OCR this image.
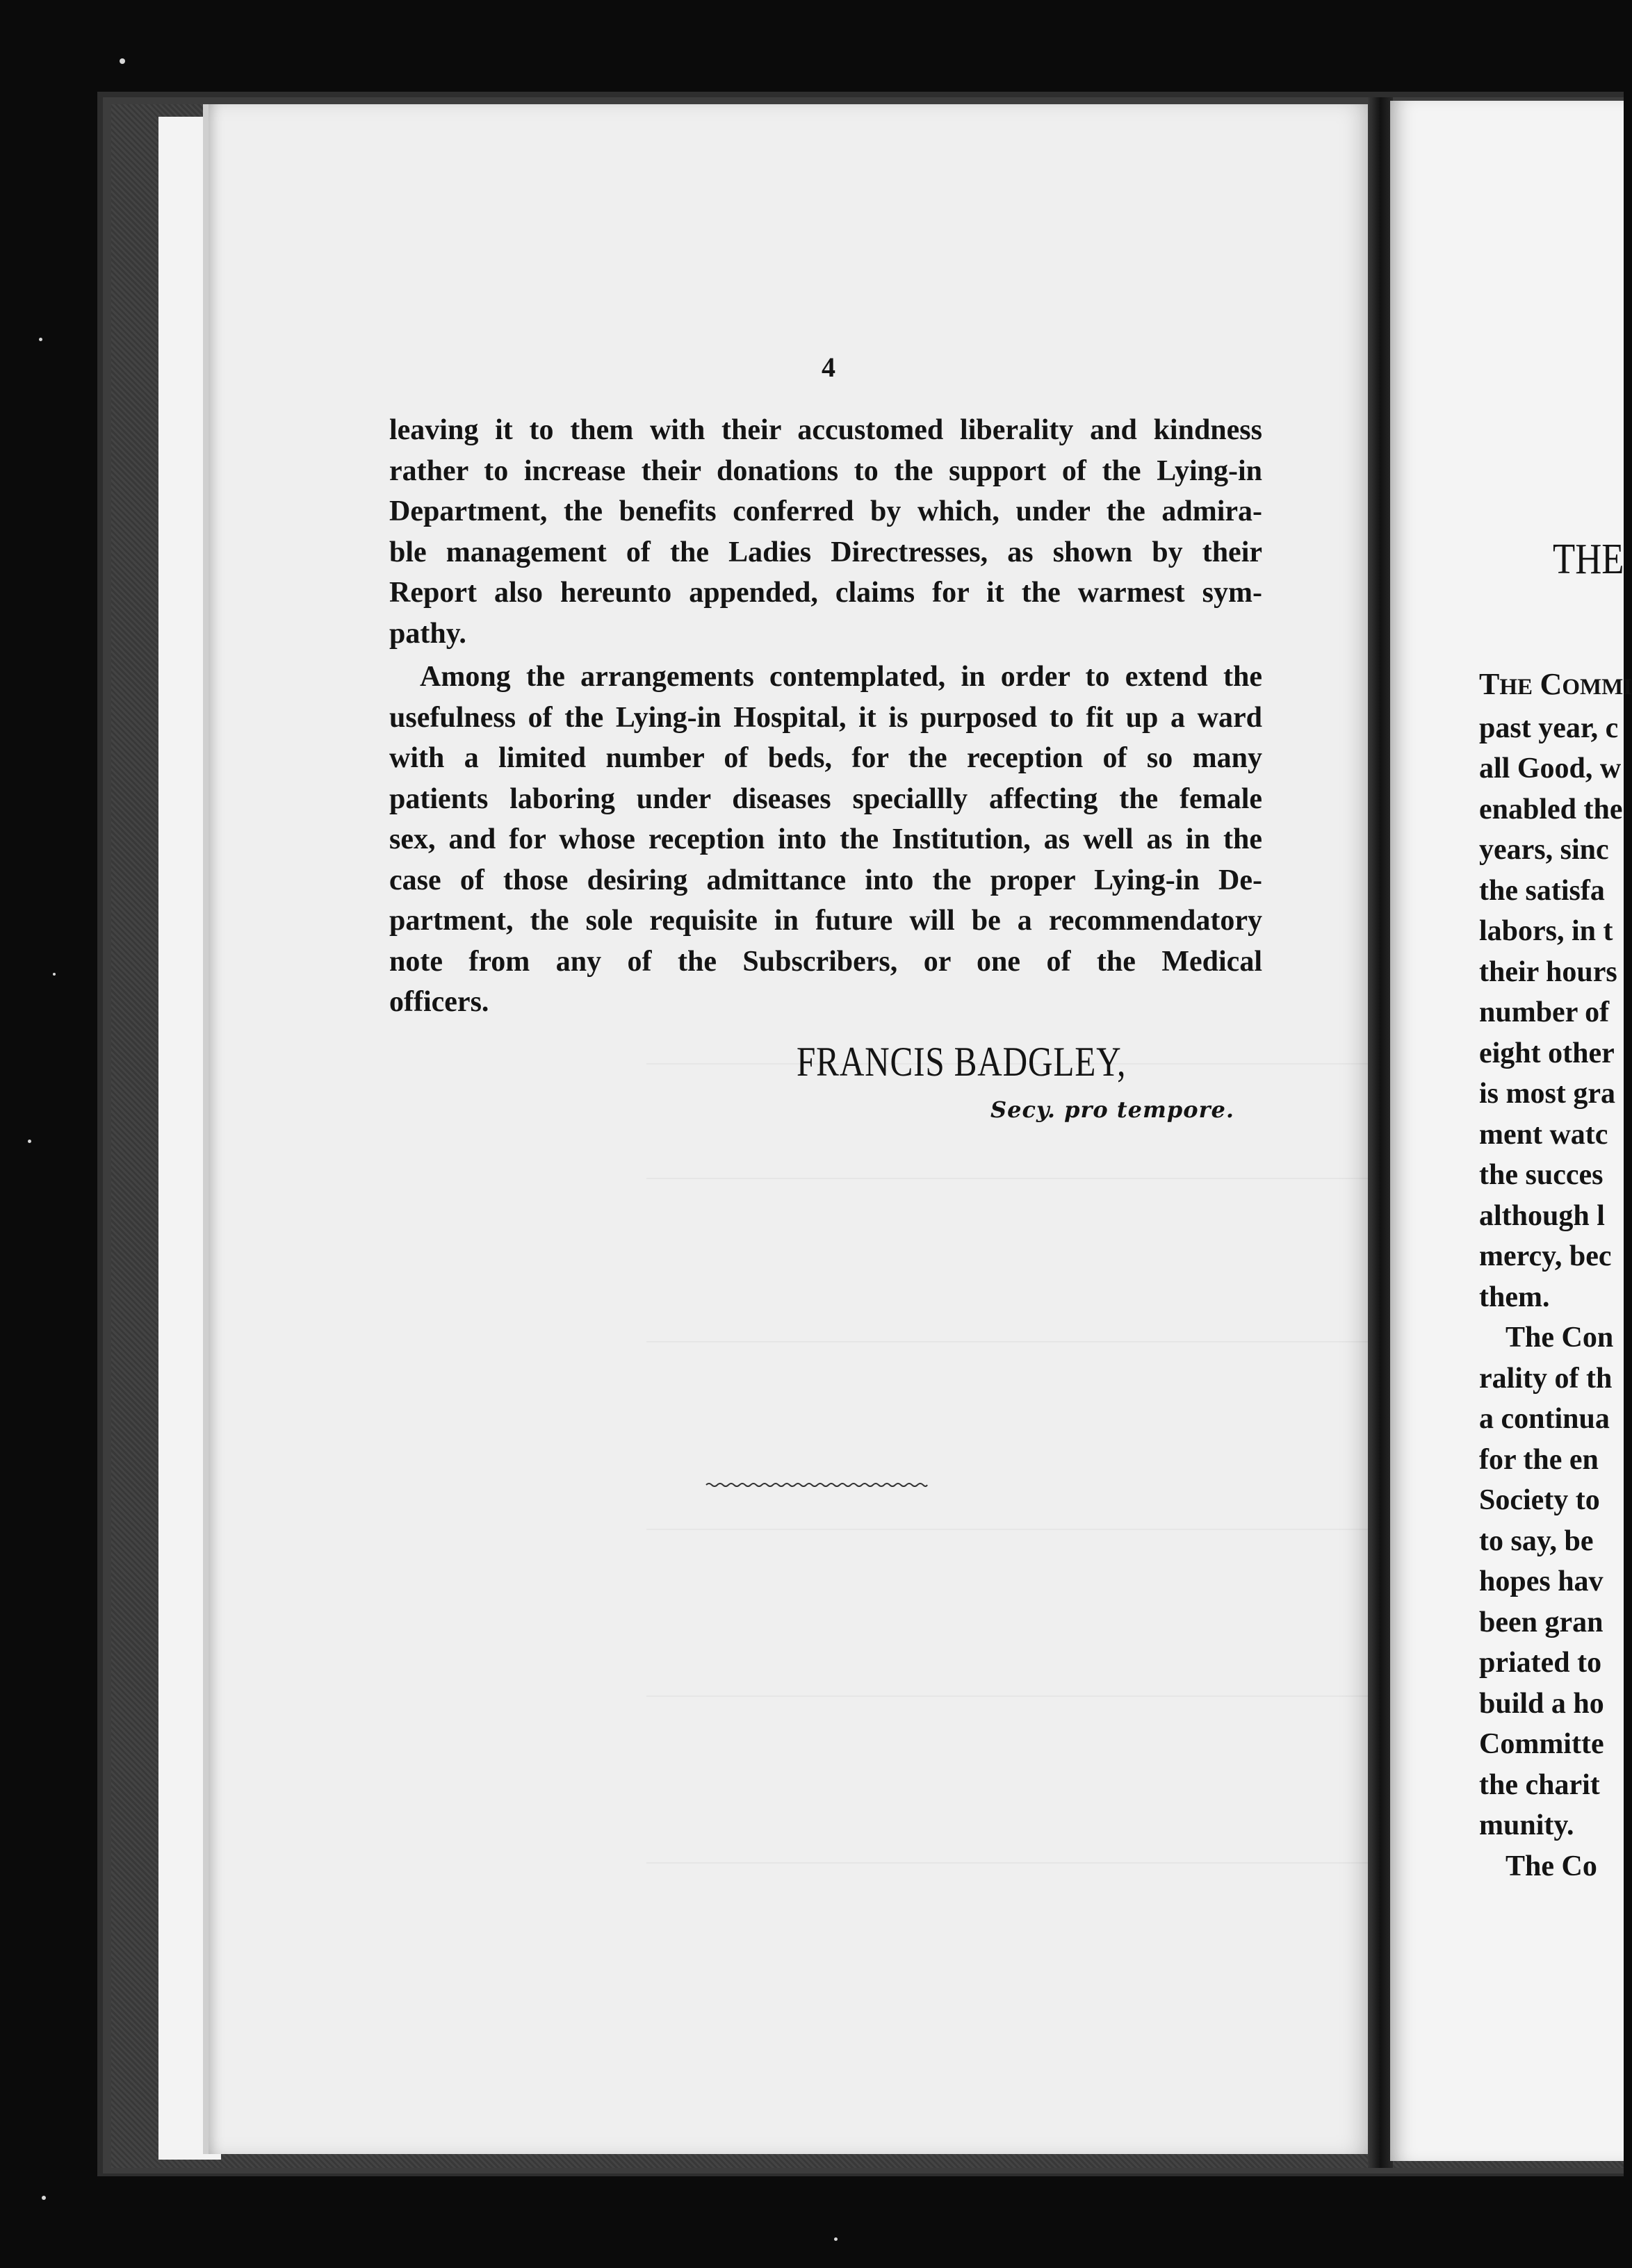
4

leaving it to them with their accustomed liberality and kindness
rather to increase their donations to the support of the Lying-in
Department, the benefits conferred by which, under the admira-
ble management of the Ladies Directresses, as shown by their
Report also hereunto appended, claims for it the warmest sym-
pathy.

Among the arrangements contemplated, in order to extend the
usefulness of the Lying-in Hospital, it is purposed to fit up a ward
with a limited number of beds, for the reception of so many
patients laboring under diseases speciallly affecting the female
sex, and for whose reception into the Institution, as well as in the
case of those desiring admittance into the proper Lying-in De-
partment, the sole requisite in future will be a recommendatory
note from any of the Subscribers, or one of the Medical
officers.

FRANCIS BADGLEY,
Secy. pro tempore.
THE
THE COMMI
past year, c
all Good, w
enabled the
years, sinc
the satisfa
labors, in t
their hours
number of
eight other
is most gra
ment watc
the succes
although l
mercy, bec
them.
The Con
rality of th
a continua
for the en
Society to
to say, be
hopes hav
been gran
priated to
build a ho
Committe
the charit
munity.
The Co
